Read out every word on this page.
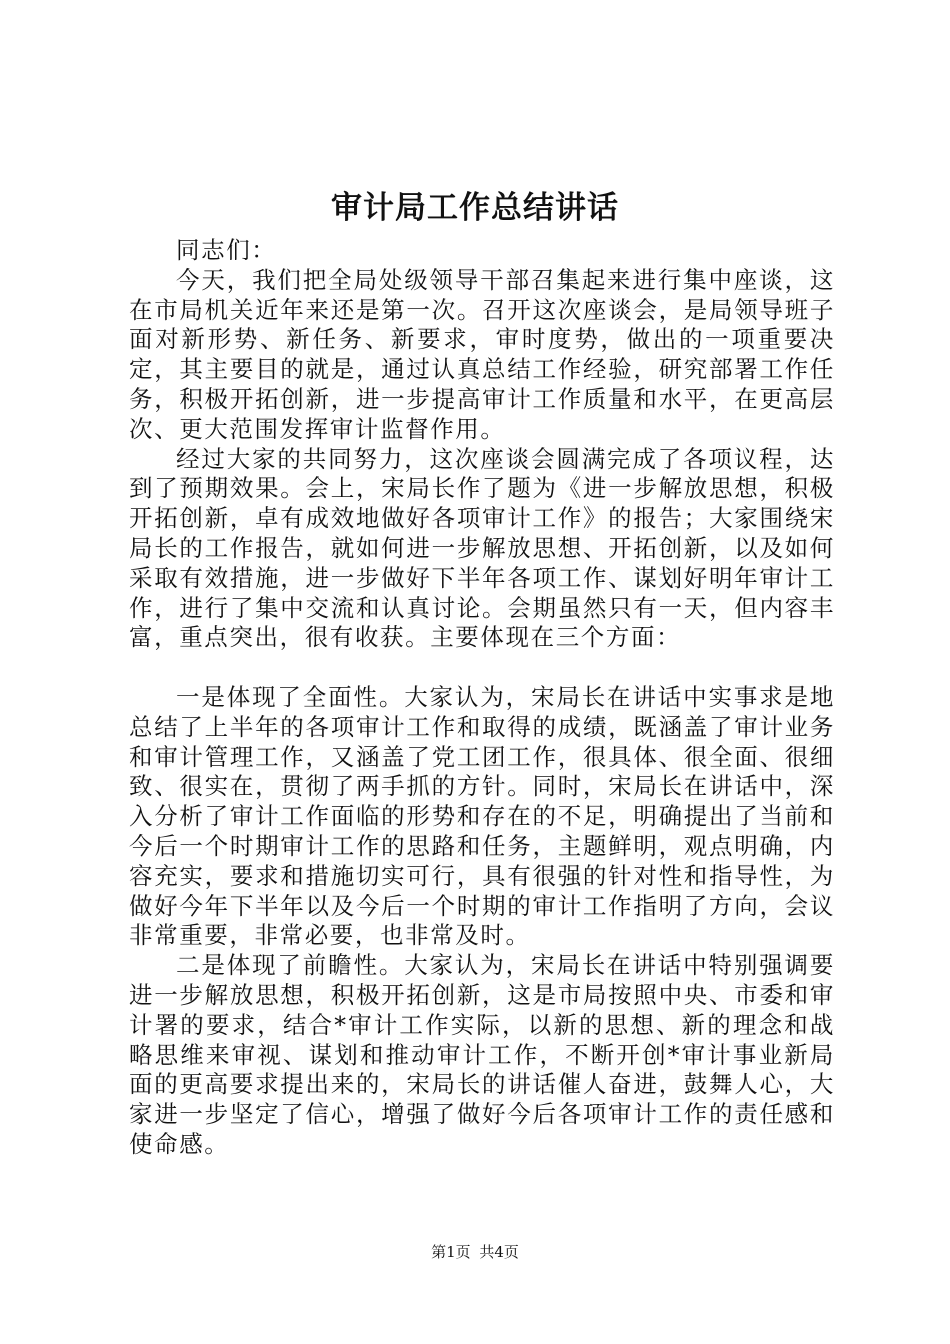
审计局工作总结讲话

同志们：

今天，我们把全局处级领导干部召集起来进行集中座谈，这在市局机关近年来还是第一次。召开这次座谈会，是局领导班子面对新形势、新任务、新要求，审时度势，做出的一项重要决定，其主要目的就是，通过认真总结工作经验，研究部署工作任务，积极开拓创新，进一步提高审计工作质量和水平，在更高层次、更大范围发挥审计监督作用。

经过大家的共同努力，这次座谈会圆满完成了各项议程，达到了预期效果。会上，宋局长作了题为《进一步解放思想，积极开拓创新，卓有成效地做好各项审计工作》的报告；大家围绕宋局长的工作报告，就如何进一步解放思想、开拓创新，以及如何采取有效措施，进一步做好下半年各项工作、谋划好明年审计工作，进行了集中交流和认真讨论。会期虽然只有一天，但内容丰富，重点突出，很有收获。主要体现在三个方面：

一是体现了全面性。大家认为，宋局长在讲话中实事求是地总结了上半年的各项审计工作和取得的成绩，既涵盖了审计业务和审计管理工作，又涵盖了党工团工作，很具体、很全面、很细致、很实在，贯彻了两手抓的方针。同时，宋局长在讲话中，深入分析了审计工作面临的形势和存在的不足，明确提出了当前和今后一个时期审计工作的思路和任务，主题鲜明，观点明确，内容充实，要求和措施切实可行，具有很强的针对性和指导性，为做好今年下半年以及今后一个时期的审计工作指明了方向，会议非常重要，非常必要，也非常及时。

二是体现了前瞻性。大家认为，宋局长在讲话中特别强调要进一步解放思想，积极开拓创新，这是市局按照中央、市委和审计署的要求，结合*审计工作实际，以新的思想、新的理念和战略思维来审视、谋划和推动审计工作，不断开创*审计事业新局面的更高要求提出来的，宋局长的讲话催人奋进，鼓舞人心，大家进一步坚定了信心，增强了做好今后各项审计工作的责任感和使命感。

第1页 共4页
